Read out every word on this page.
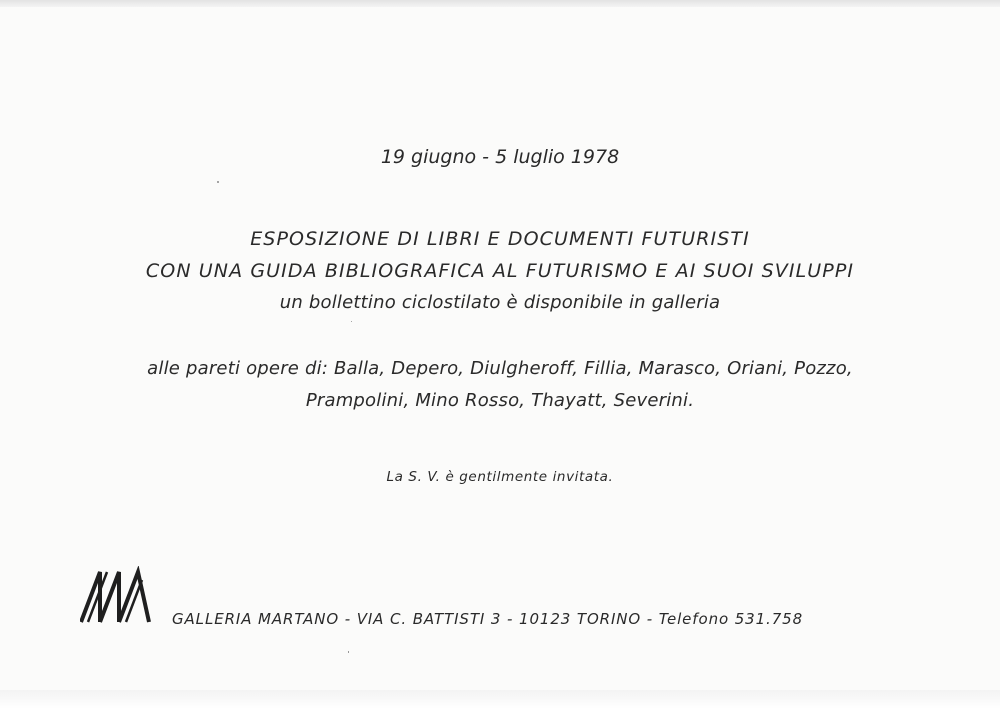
19 giugno - 5 luglio 1978
ESPOSIZIONE DI LIBRI E DOCUMENTI FUTURISTI
CON UNA GUIDA BIBLIOGRAFICA AL FUTURISMO E AI SUOI SVILUPPI
un bollettino ciclostilato è disponibile in galleria
alle pareti opere di: Balla, Depero, Diulgheroff, Fillia, Marasco, Oriani, Pozzo,
Prampolini, Mino Rosso, Thayatt, Severini.
La S. V. è gentilmente invitata.
GALLERIA MARTANO - VIA C. BATTISTI 3 - 10123 TORINO - Telefono 531.758
